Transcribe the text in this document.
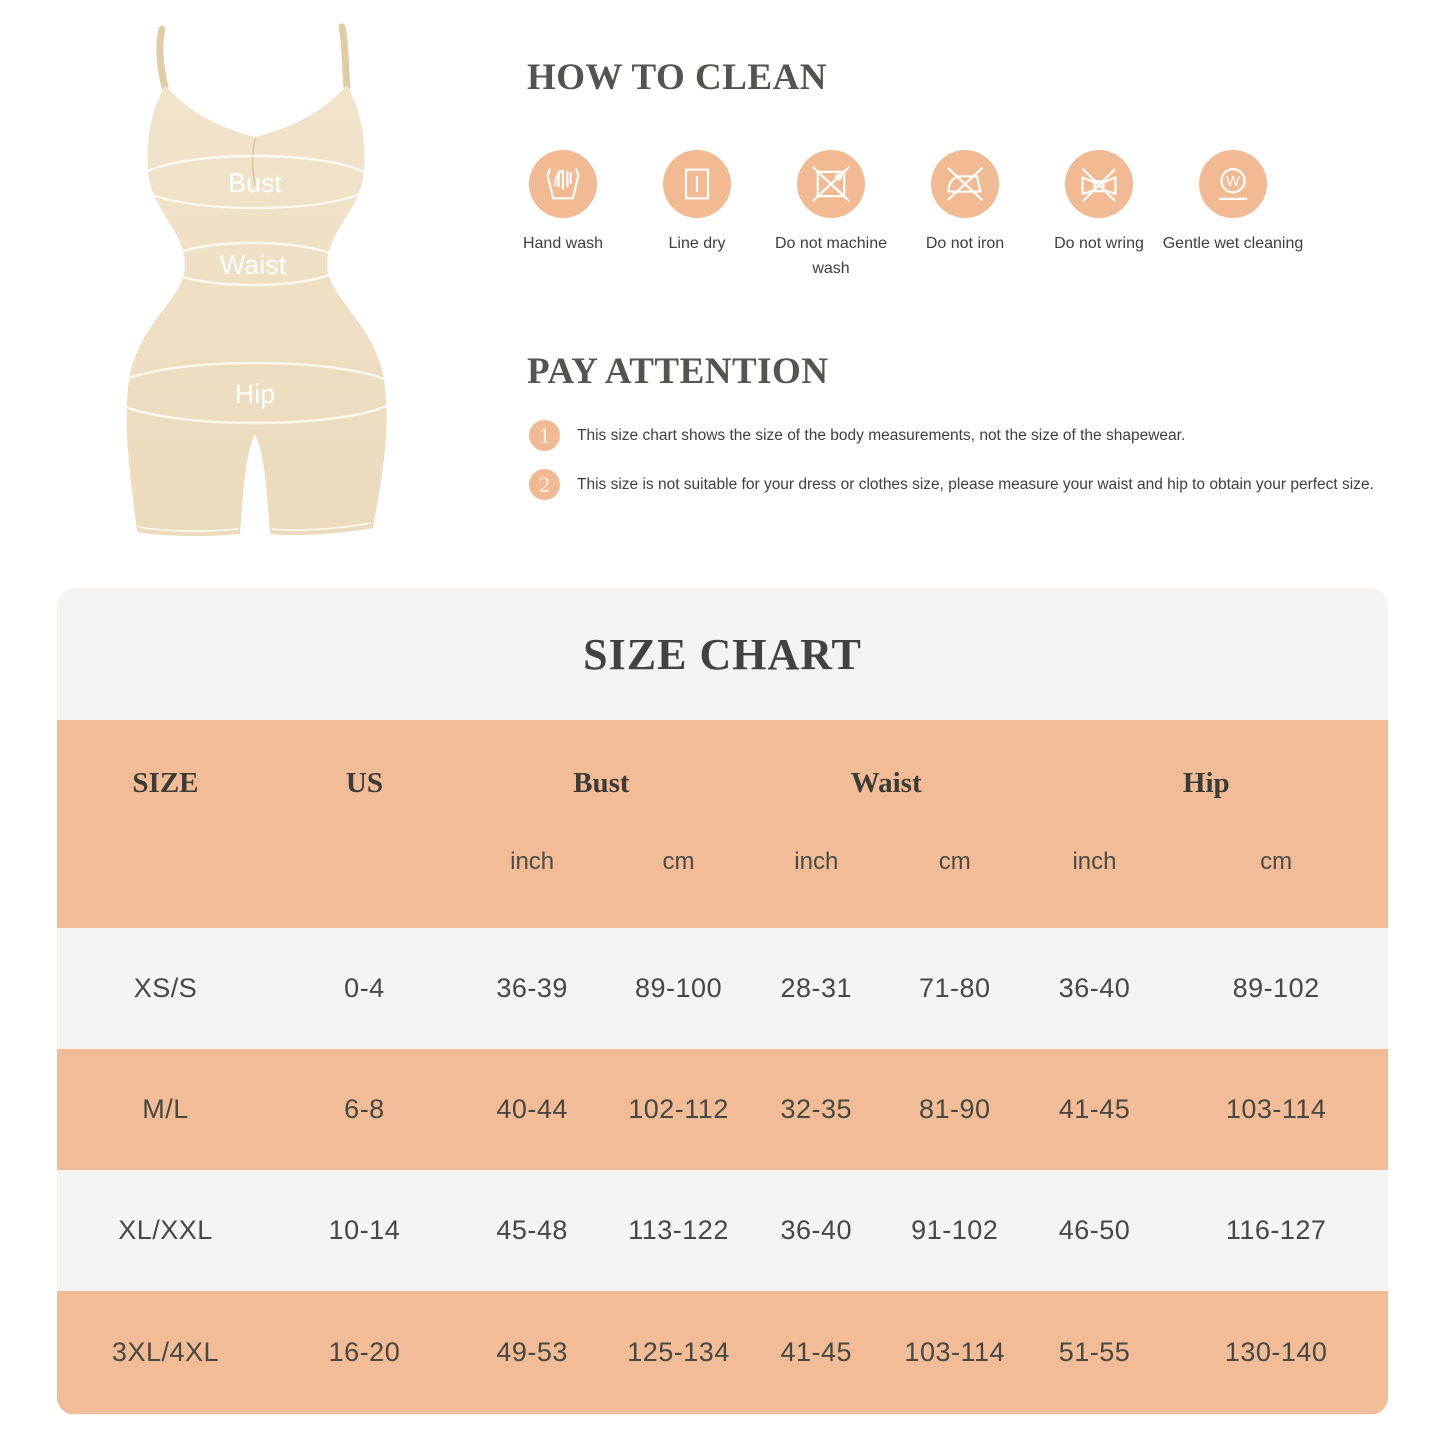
Bust
Waist
Hip
HOW TO CLEAN
Hand wash	Line dry	Do not machine wash
Do not iron	Do not wring
W
Gentle wet cleaning
PAY ATTENTION
1	This size chart shows the size of the body measurements, not the size of the shapewear.

2	This size is not suitable for your dress or clothes size, please measure your waist and hip to obtain your perfect size.

SIZE CHART
SIZE	US	Bust	Waist	Hip
inch	cm	inch	cm	inch	cm
XS/S	0-4	36-39	89-100	28-31	71-80	36-40	89-102
M/L	6-8	40-44	102-112	32-35	81-90	41-45	103-114
XL/XXL	10-14	45-48	113-122	36-40	91-102	46-50	116-127
3XL/4XL	16-20	49-53	125-134	41-45	103-114	51-55	130-140
